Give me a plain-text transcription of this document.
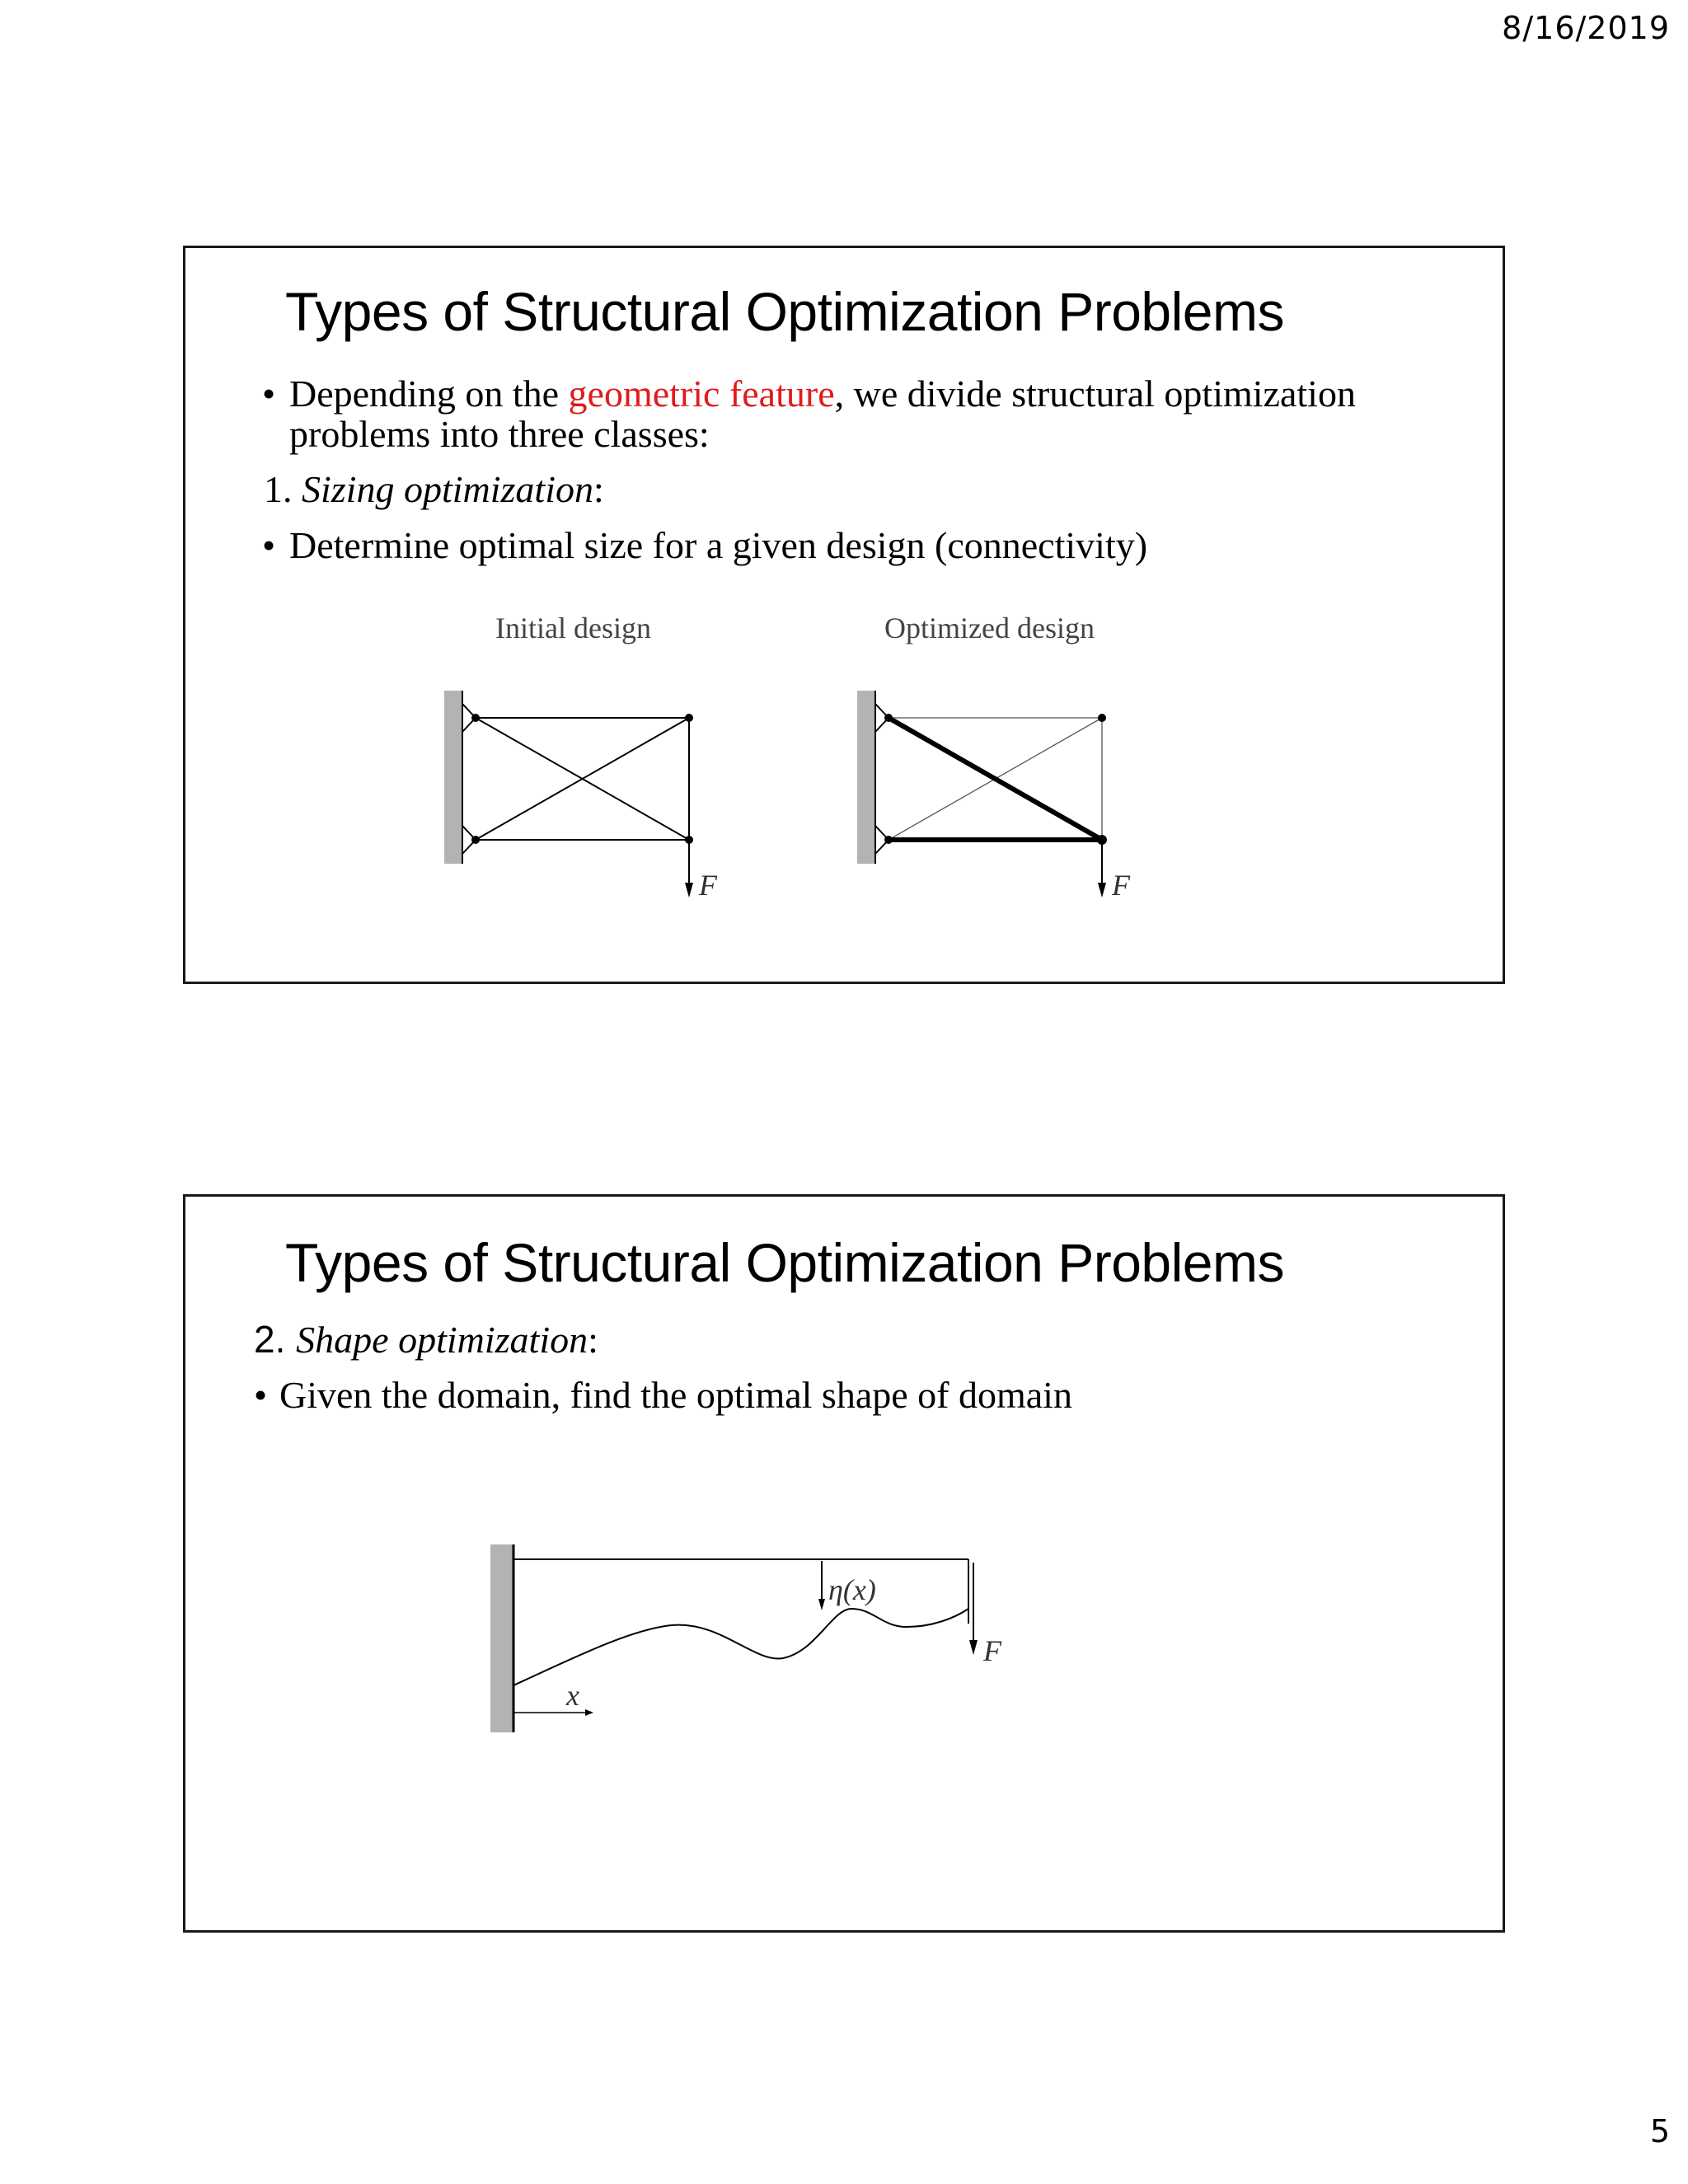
8/16/2019
Types of Structural Optimization Problems
• Depending on the geometric feature, we divide structural optimization
problems into three classes:
1. Sizing optimization:
• Determine optimal size for a given design (connectivity)
Initial design	Optimized design
F	F
Types of Structural Optimization Problems
2. Shape optimization:
• Given the domain, find the optimal shape of domain
η(x)
F
x
5
